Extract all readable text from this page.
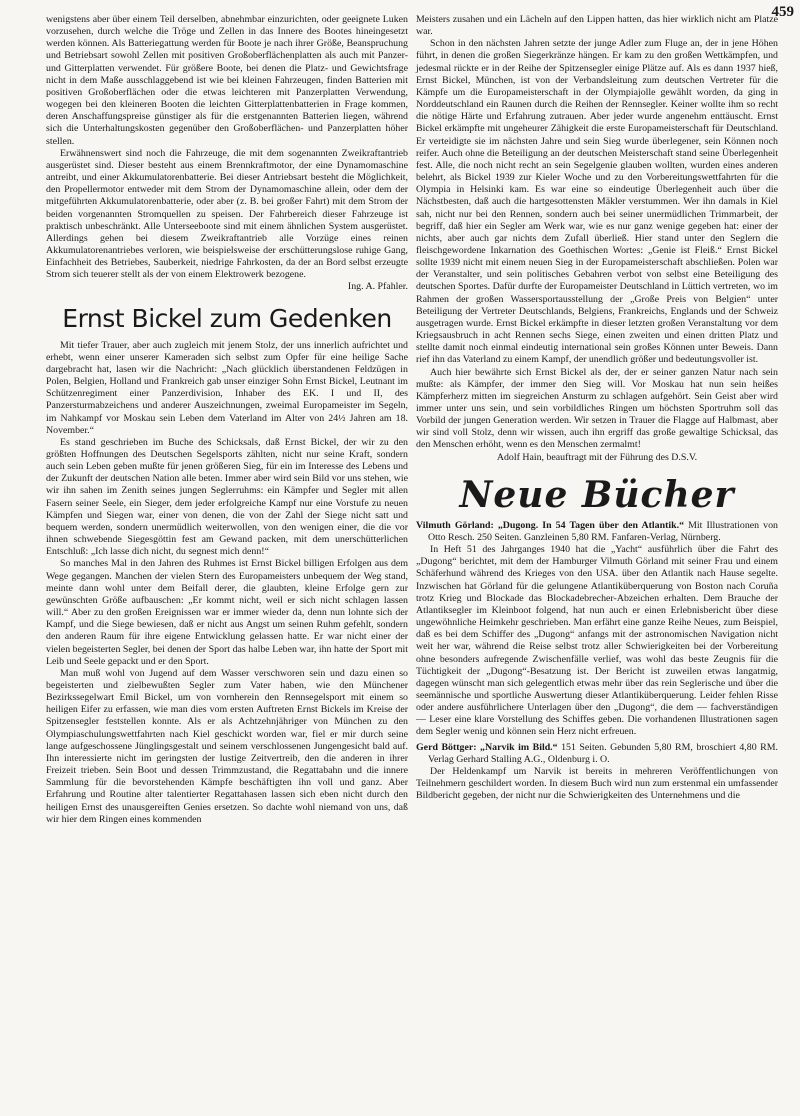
459

wenigstens aber über einem Teil derselben, abnehmbar einzurichten, oder geeignete Luken vorzusehen, durch welche die Tröge und Zellen in das Innere des Bootes hineingesetzt werden können. Als Batteriegattung werden für Boote je nach ihrer Größe, Beanspruchung und Betriebsart sowohl Zellen mit positiven Großoberflächenplatten als auch mit Panzer- und Gitterplatten verwendet. Für größere Boote, bei denen die Platz- und Gewichtsfrage nicht in dem Maße ausschlaggebend ist wie bei kleinen Fahrzeugen, finden Batterien mit positiven Großoberflächen oder die etwas leichteren mit Panzerplatten Verwendung, wogegen bei den kleineren Booten die leichten Gitterplattenbatterien in Frage kommen, deren Anschaffungspreise günstiger als für die erstgenannten Batterien liegen, während sich die Unterhaltungskosten gegenüber den Großoberflächen- und Panzerplatten höher stellen.

Erwähnenswert sind noch die Fahrzeuge, die mit dem sogenannten Zweikraftantrieb ausgerüstet sind. Dieser besteht aus einem Brennkraftmotor, der eine Dynamomaschine antreibt, und einer Akkumulatorenbatterie. Bei dieser Antriebsart besteht die Möglichkeit, den Propellermotor entweder mit dem Strom der Dynamomaschine allein, oder dem der mitgeführten Akkumulatorenbatterie, oder aber (z. B. bei großer Fahrt) mit dem Strom der beiden vorgenannten Stromquellen zu speisen. Der Fahrbereich dieser Fahrzeuge ist praktisch unbeschränkt. Alle Unterseeboote sind mit einem ähnlichen System ausgerüstet. Allerdings gehen bei diesem Zweikraftantrieb alle Vorzüge eines reinen Akkumulatorenantriebes verloren, wie beispielsweise der erschütterungslose ruhige Gang, Einfachheit des Betriebes, Sauberkeit, niedrige Fahrkosten, da der an Bord selbst erzeugte Strom sich teuerer stellt als der von einem Elektrowerk bezogene.

Ing. A. Pfahler.

Ernst Bickel zum Gedenken

Mit tiefer Trauer, aber auch zugleich mit jenem Stolz, der uns innerlich aufrichtet und erhebt, wenn einer unserer Kameraden sich selbst zum Opfer für eine heilige Sache dargebracht hat, lasen wir die Nachricht: „Nach glücklich überstandenen Feldzügen in Polen, Belgien, Holland und Frankreich gab unser einziger Sohn Ernst Bickel, Leutnant im Schützenregiment einer Panzerdivision, Inhaber des EK. I und II, des Panzersturmabzeichens und anderer Auszeichnungen, zweimal Europameister im Segeln, im Nahkampf vor Moskau sein Leben dem Vaterland im Alter von 24½ Jahren am 18. November.“

Es stand geschrieben im Buche des Schicksals, daß Ernst Bickel, der wir zu den größten Hoffnungen des Deutschen Segelsports zählten, nicht nur seine Kraft, sondern auch sein Leben geben mußte für jenen größeren Sieg, für ein im Interesse des Lebens und der Zukunft der deutschen Nation alle beten. Immer aber wird sein Bild vor uns stehen, wie wir ihn sahen im Zenith seines jungen Seglerruhms: ein Kämpfer und Segler mit allen Fasern seiner Seele, ein Sieger, dem jeder erfolgreiche Kampf nur eine Vorstufe zu neuen Kämpfen und Siegen war, einer von denen, die von der Zahl der Siege nicht satt und bequem werden, sondern unermüdlich weiterwollen, von den wenigen einer, die die vor ihnen schwebende Siegesgöttin fest am Gewand packen, mit dem unerschütterlichen Entschluß: „Ich lasse dich nicht, du segnest mich denn!“

So manches Mal in den Jahren des Ruhmes ist Ernst Bickel billigen Erfolgen aus dem Wege gegangen. Manchen der vielen Stern des Europameisters unbequem der Weg stand, meinte dann wohl unter dem Beifall derer, die glaubten, kleine Erfolge gern zur gewünschten Größe aufbauschen: „Er kommt nicht, weil er sich nicht schlagen lassen will.“ Aber zu den großen Ereignissen war er immer wieder da, denn nun lohnte sich der Kampf, und die Siege bewiesen, daß er nicht aus Angst um seinen Ruhm gefehlt, sondern den anderen Raum für ihre eigene Entwicklung gelassen hatte. Er war nicht einer der vielen begeisterten Segler, bei denen der Sport das halbe Leben war, ihn hatte der Sport mit Leib und Seele gepackt und er den Sport.

Man muß wohl von Jugend auf dem Wasser verschworen sein und dazu einen so begeisterten und zielbewußten Segler zum Vater haben, wie den Münchener Bezirkssegelwart Emil Bickel, um von vornherein den Rennsegelsport mit einem so heiligen Eifer zu erfassen, wie man dies vom ersten Auftreten Ernst Bickels im Kreise der Spitzensegler feststellen konnte. Als er als Achtzehnjähriger von München zu den Olympiaschulungswettfahrten nach Kiel geschickt worden war, fiel er mir durch seine lange aufgeschossene Jünglingsgestalt und seinem verschlossenen Jungengesicht bald auf. Ihn interessierte nicht im geringsten der lustige Zeitvertreib, den die anderen in ihrer Freizeit trieben. Sein Boot und dessen Trimmzustand, die Regattabahn und die innere Sammlung für die bevorstehenden Kämpfe beschäftigten ihn voll und ganz. Aber Erfahrung und Routine alter talentierter Regattahasen lassen sich eben nicht durch den heiligen Ernst des unausgereiften Genies ersetzen. So dachte wohl niemand von uns, daß wir hier dem Ringen eines kommenden

Meisters zusahen und ein Lächeln auf den Lippen hatten, das hier wirklich nicht am Platze war.

Schon in den nächsten Jahren setzte der junge Adler zum Fluge an, der in jene Höhen führt, in denen die großen Siegerkränze hängen. Er kam zu den großen Wettkämpfen, und jedesmal rückte er in der Reihe der Spitzensegler einige Plätze auf. Als es dann 1937 hieß, Ernst Bickel, München, ist von der Verbandsleitung zum deutschen Vertreter für die Kämpfe um die Europameisterschaft in der Olympiajolle gewählt worden, da ging in Norddeutschland ein Raunen durch die Reihen der Rennsegler. Keiner wollte ihm so recht die nötige Härte und Erfahrung zutrauen. Aber jeder wurde angenehm enttäuscht. Ernst Bickel erkämpfte mit ungeheurer Zähigkeit die erste Europameisterschaft für Deutschland. Er verteidigte sie im nächsten Jahre und sein Sieg wurde überlegener, sein Können noch reifer. Auch ohne die Beteiligung an der deutschen Meisterschaft stand seine Überlegenheit fest. Alle, die noch nicht recht an sein Segelgenie glauben wollten, wurden eines anderen belehrt, als Bickel 1939 zur Kieler Woche und zu den Vorbereitungswettfahrten für die Olympia in Helsinki kam. Es war eine so eindeutige Überlegenheit auch über die Nächstbesten, daß auch die hartgesottensten Mäkler verstummen. Wer ihn damals in Kiel sah, nicht nur bei den Rennen, sondern auch bei seiner unermüdlichen Trimmarbeit, der begriff, daß hier ein Segler am Werk war, wie es nur ganz wenige gegeben hat: einer der nichts, aber auch gar nichts dem Zufall überließ. Hier stand unter den Seglern die fleischgewordene Inkarnation des Goethischen Wortes: „Genie ist Fleiß.“ Ernst Bickel sollte 1939 nicht mit einem neuen Sieg in der Europameisterschaft abschließen. Polen war der Veranstalter, und sein politisches Gebahren verbot von selbst eine Beteiligung des deutschen Sportes. Dafür durfte der Europameister Deutschland in Lüttich vertreten, wo im Rahmen der großen Wassersportausstellung der „Große Preis von Belgien“ unter Beteiligung der Vertreter Deutschlands, Belgiens, Frankreichs, Englands und der Schweiz ausgetragen wurde. Ernst Bickel erkämpfte in dieser letzten großen Veranstaltung vor dem Kriegsausbruch in acht Rennen sechs Siege, einen zweiten und einen dritten Platz und stellte damit noch einmal eindeutig international sein großes Können unter Beweis. Dann rief ihn das Vaterland zu einem Kampf, der unendlich größer und bedeutungsvoller ist.

Auch hier bewährte sich Ernst Bickel als der, der er seiner ganzen Natur nach sein mußte: als Kämpfer, der immer den Sieg will. Vor Moskau hat nun sein heißes Kämpferherz mitten im siegreichen Ansturm zu schlagen aufgehört. Sein Geist aber wird immer unter uns sein, und sein vorbildliches Ringen um höchsten Sportruhm soll das Vorbild der jungen Generation werden. Wir setzen in Trauer die Flagge auf Halbmast, aber wir sind voll Stolz, denn wir wissen, auch ihn ergriff das große gewaltige Schicksal, das den Menschen erhöht, wenn es den Menschen zermalmt!

Adolf Hain, beauftragt mit der Führung des D.S.V.

Neue Bücher

Vilmuth Görland: „Dugong. In 54 Tagen über den Atlantik.“ Mit Illustrationen von Otto Resch. 250 Seiten. Ganzleinen 5,80 RM. Fanfaren-Verlag, Nürnberg.

In Heft 51 des Jahrganges 1940 hat die „Yacht“ ausführlich über die Fahrt des „Dugong“ berichtet, mit dem der Hamburger Vilmuth Görland mit seiner Frau und einem Schäferhund während des Krieges von den USA. über den Atlantik nach Hause segelte. Inzwischen hat Görland für die gelungene Atlantiküberquerung von Boston nach Coruña trotz Krieg und Blockade das Blockadebrecher-Abzeichen erhalten. Dem Brauche der Atlantiksegler im Kleinboot folgend, hat nun auch er einen Erlebnisbericht über diese ungewöhnliche Heimkehr geschrieben. Man erfährt eine ganze Reihe Neues, zum Beispiel, daß es bei dem Schiffer des „Dugong“ anfangs mit der astronomischen Navigation nicht weit her war, während die Reise selbst trotz aller Schwierigkeiten bei der Vorbereitung ohne besonders aufregende Zwischenfälle verlief, was wohl das beste Zeugnis für die Tüchtigkeit der „Dugong“-Besatzung ist. Der Bericht ist zuweilen etwas langatmig, dagegen wünscht man sich gelegentlich etwas mehr über das rein Seglerische und über die seemännische und sportliche Auswertung dieser Atlantiküberquerung. Leider fehlen Risse oder andere ausführlichere Unterlagen über den „Dugong“, die dem — fachverständigen — Leser eine klare Vorstellung des Schiffes geben. Die vorhandenen Illustrationen sagen dem Segler wenig und können sein Herz nicht erfreuen.

Gerd Böttger: „Narvik im Bild.“ 151 Seiten. Gebunden 5,80 RM, broschiert 4,80 RM. Verlag Gerhard Stalling A.G., Oldenburg i. O.

Der Heldenkampf um Narvik ist bereits in mehreren Veröffentlichungen von Teilnehmern geschildert worden. In diesem Buch wird nun zum erstenmal ein umfassender Bildbericht gegeben, der nicht nur die Schwierigkeiten des Unternehmens und die
